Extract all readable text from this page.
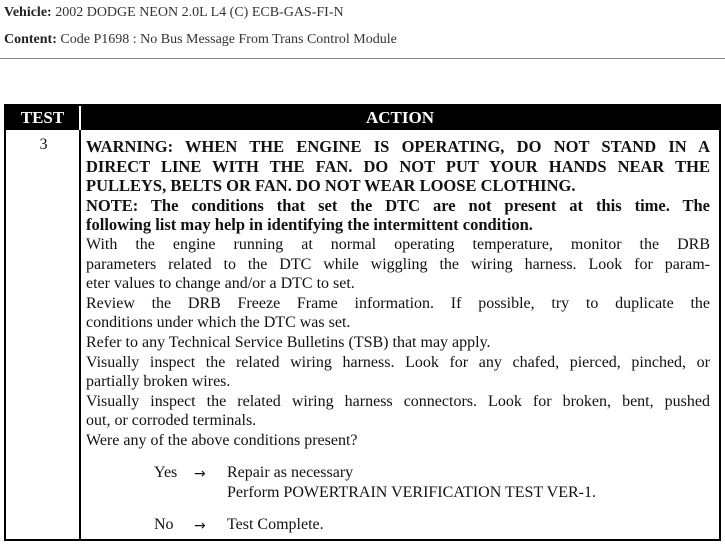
Vehicle: 2002 DODGE NEON 2.0L L4 (C) ECB-GAS-FI-N
Content: Code P1698 : No Bus Message From Trans Control Module
TEST	ACTION
3	WARNING: WHEN THE ENGINE IS OPERATING, DO NOT STAND IN A
DIRECT LINE WITH THE FAN. DO NOT PUT YOUR HANDS NEAR THE
PULLEYS, BELTS OR FAN. DO NOT WEAR LOOSE CLOTHING.
NOTE: The conditions that set the DTC are not present at this time. The
following list may help in identifying the intermittent condition.
With the engine running at normal operating temperature, monitor the DRB
parameters related to the DTC while wiggling the wiring harness. Look for param-
eter values to change and/or a DTC to set.
Review the DRB Freeze Frame information. If possible, try to duplicate the
conditions under which the DTC was set.
Refer to any Technical Service Bulletins (TSB) that may apply.
Visually inspect the related wiring harness. Look for any chafed, pierced, pinched, or
partially broken wires.
Visually inspect the related wiring harness connectors. Look for broken, bent, pushed
out, or corroded terminals.
Were any of the above conditions present?
Yes → Repair as necessary
Perform POWERTRAIN VERIFICATION TEST VER-1.
No → Test Complete.
